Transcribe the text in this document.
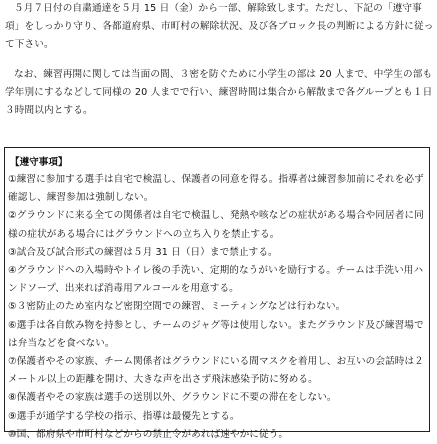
５月７日付の自粛通達を５月 15 日（金）から一部、解除致します。ただし、下記の「遵守事項」をしっかり守り、各都道府県、市町村の解除状況、及び各ブロック長の判断による方針に従って下さい。

なお、練習再開に関しては当面の間、３密を防ぐために小学生の部は 20 人まで、中学生の部も学年別にするなどして同様の 20 人までで行い、練習時間は集合から解散まで各グループとも１日３時間以内とする。

【遵守事項】

①練習に参加する選手は自宅で検温し、保護者の同意を得る。指導者は練習参加前にそれを必ず確認し、練習参加は強制しない。
②グラウンドに来る全ての関係者は自宅で検温し、発熱や咳などの症状がある場合や同居者に同様の症状がある場合にはグラウンドへの立ち入りを禁止する。
③試合及び試合形式の練習は５月 31 日（日）まで禁止する。
④グラウンドへの入場時やトイレ後の手洗い、定期的なうがいを励行する。チームは手洗い用ハンドソープ、出来れば消毒用アルコールを用意する。
⑤３密防止のため室内など密閉空間での練習、ミーティングなどは行わない。
⑥選手は各自飲み物を持参とし、チームのジャグ等は使用しない。またグラウンド及び練習場では弁当などを食べない。
⑦保護者やその家族、チーム関係者はグラウンドにいる間マスクを着用し、お互いの会話時は２メートル以上の距離を開け、大きな声を出さず飛沫感染予防に努める。
⑧保護者やその家族は選手の送別以外、グラウンドに不要の滞在をしない。
⑨選手が通学する学校の指示、指導は最優先とする。
⑩国、都府県や市町村などからの禁止令があれば速やかに従う。
